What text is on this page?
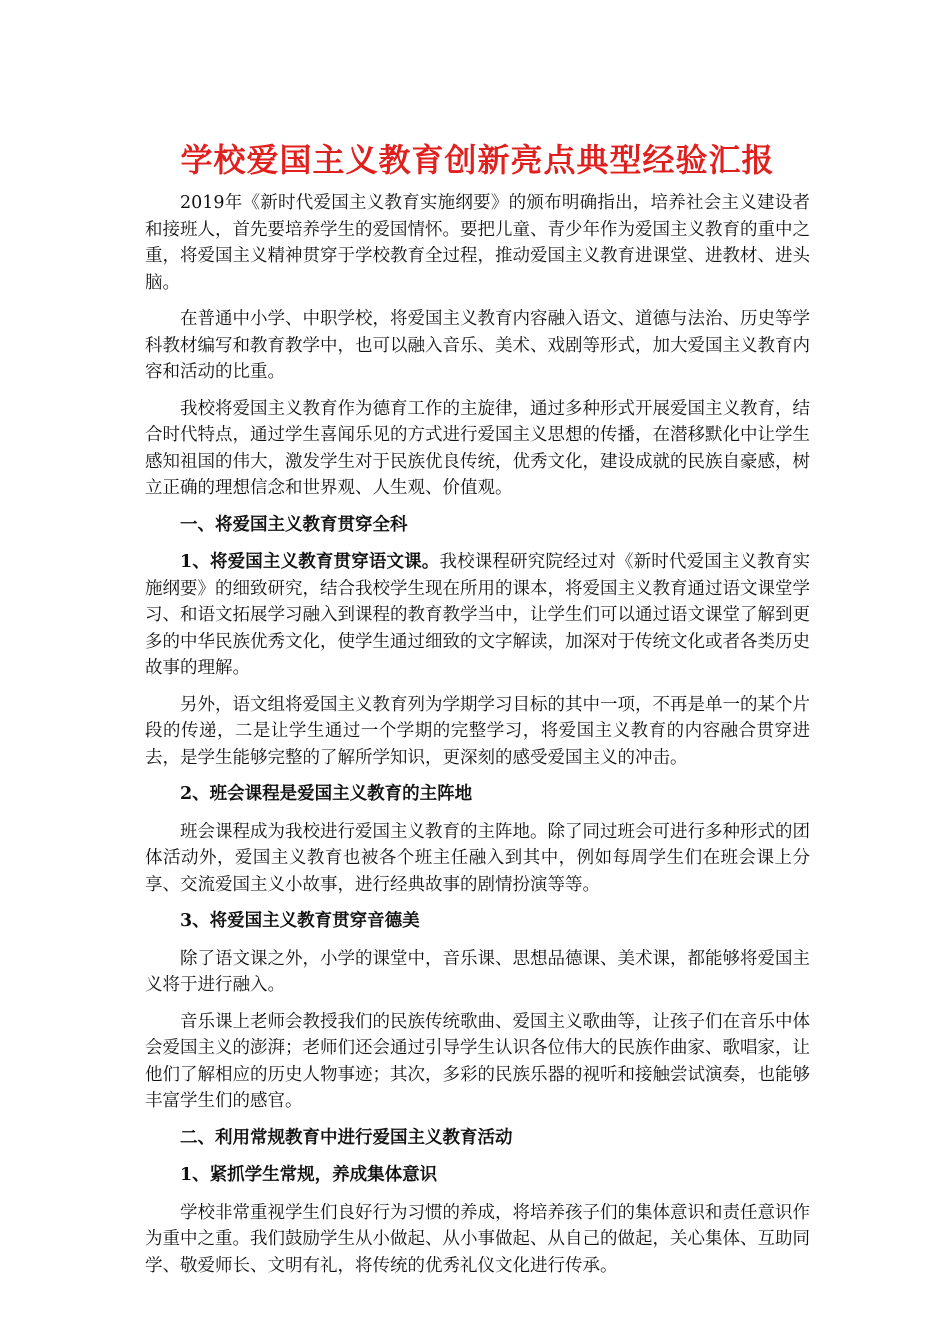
学校爱国主义教育创新亮点典型经验汇报

2019年《新时代爱国主义教育实施纲要》的颁布明确指出，培养社会主义建设者和接班人，首先要培养学生的爱国情怀。要把儿童、青少年作为爱国主义教育的重中之重，将爱国主义精神贯穿于学校教育全过程，推动爱国主义教育进课堂、进教材、进头脑。

在普通中小学、中职学校，将爱国主义教育内容融入语文、道德与法治、历史等学科教材编写和教育教学中，也可以融入音乐、美术、戏剧等形式，加大爱国主义教育内容和活动的比重。

我校将爱国主义教育作为德育工作的主旋律，通过多种形式开展爱国主义教育，结合时代特点，通过学生喜闻乐见的方式进行爱国主义思想的传播，在潜移默化中让学生感知祖国的伟大，激发学生对于民族优良传统，优秀文化，建设成就的民族自豪感，树立正确的理想信念和世界观、人生观、价值观。

一、将爱国主义教育贯穿全科

1、将爱国主义教育贯穿语文课。我校课程研究院经过对《新时代爱国主义教育实施纲要》的细致研究，结合我校学生现在所用的课本，将爱国主义教育通过语文课堂学习、和语文拓展学习融入到课程的教育教学当中，让学生们可以通过语文课堂了解到更多的中华民族优秀文化，使学生通过细致的文字解读，加深对于传统文化或者各类历史故事的理解。

另外，语文组将爱国主义教育列为学期学习目标的其中一项，不再是单一的某个片段的传递，二是让学生通过一个学期的完整学习，将爱国主义教育的内容融合贯穿进去，是学生能够完整的了解所学知识，更深刻的感受爱国主义的冲击。

2、班会课程是爱国主义教育的主阵地

班会课程成为我校进行爱国主义教育的主阵地。除了同过班会可进行多种形式的团体活动外，爱国主义教育也被各个班主任融入到其中，例如每周学生们在班会课上分享、交流爱国主义小故事，进行经典故事的剧情扮演等等。

3、将爱国主义教育贯穿音德美

除了语文课之外，小学的课堂中，音乐课、思想品德课、美术课，都能够将爱国主义将于进行融入。

音乐课上老师会教授我们的民族传统歌曲、爱国主义歌曲等，让孩子们在音乐中体会爱国主义的澎湃；老师们还会通过引导学生认识各位伟大的民族作曲家、歌唱家，让他们了解相应的历史人物事迹；其次，多彩的民族乐器的视听和接触尝试演奏，也能够丰富学生们的感官。

二、利用常规教育中进行爱国主义教育活动

1、紧抓学生常规，养成集体意识

学校非常重视学生们良好行为习惯的养成，将培养孩子们的集体意识和责任意识作为重中之重。我们鼓励学生从小做起、从小事做起、从自己的做起，关心集体、互助同学、敬爱师长、文明有礼，将传统的优秀礼仪文化进行传承。
